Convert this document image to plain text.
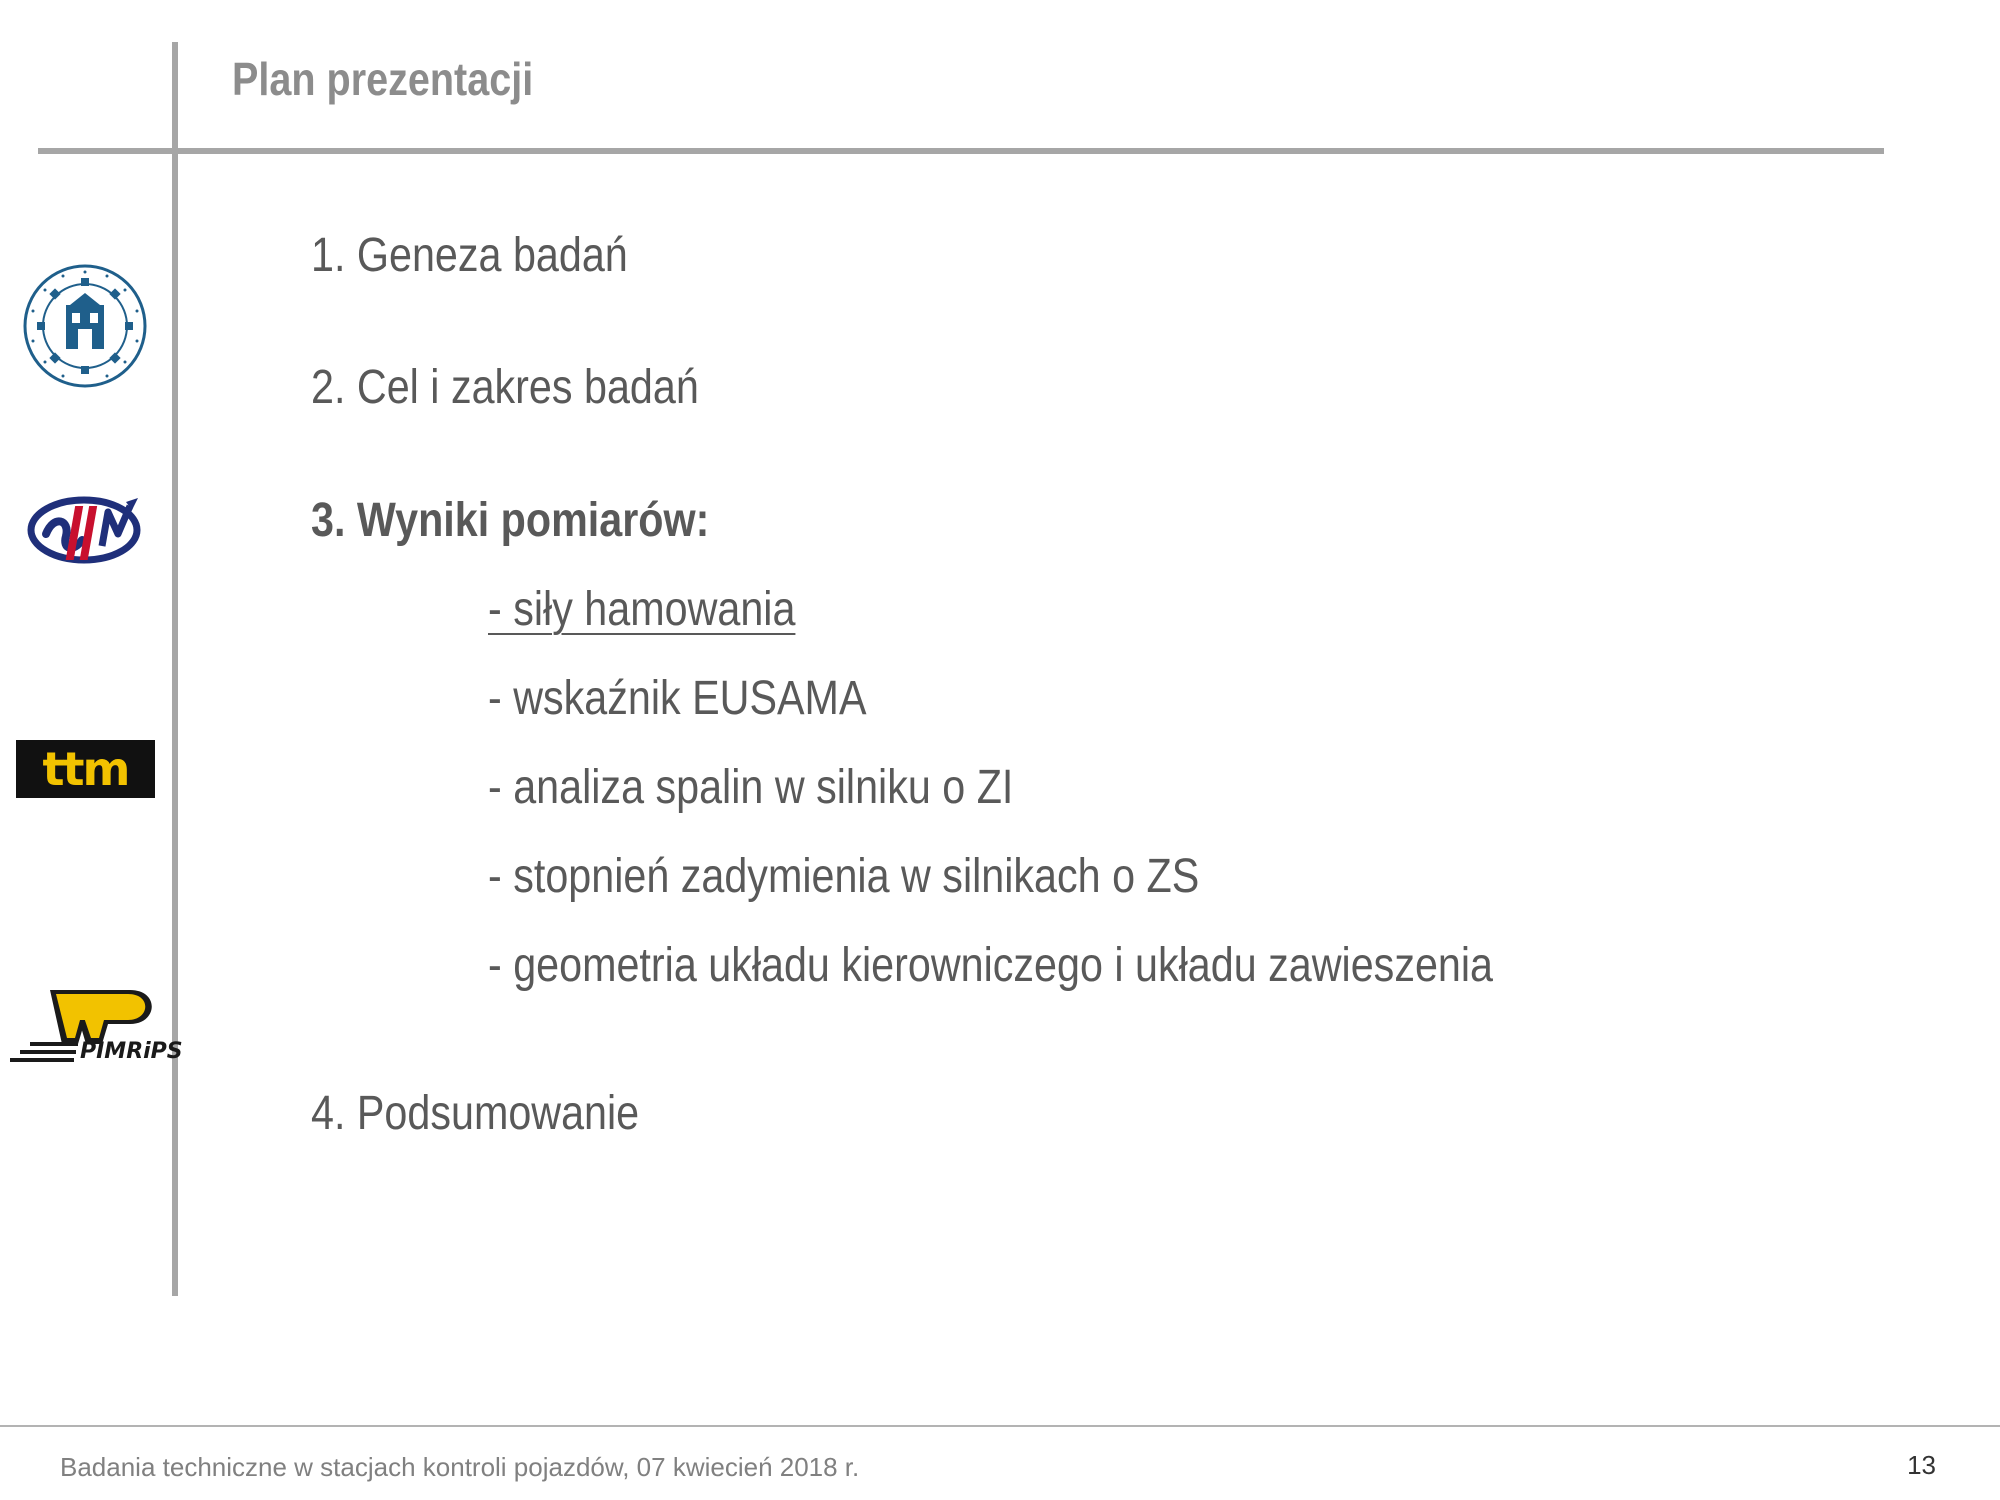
Plan prezentacji
1. Geneza badań
2. Cel i zakres badań
3. Wyniki pomiarów:
- siły hamowania
- wskaźnik EUSAMA
- analiza spalin w silniku o ZI
- stopnień zadymienia w silnikach o ZS
- geometria układu kierowniczego i układu zawieszenia
4. Podsumowanie
ttm
PIMRiPS
Badania techniczne w stacjach kontroli pojazdów, 07 kwiecień 2018 r.	13
